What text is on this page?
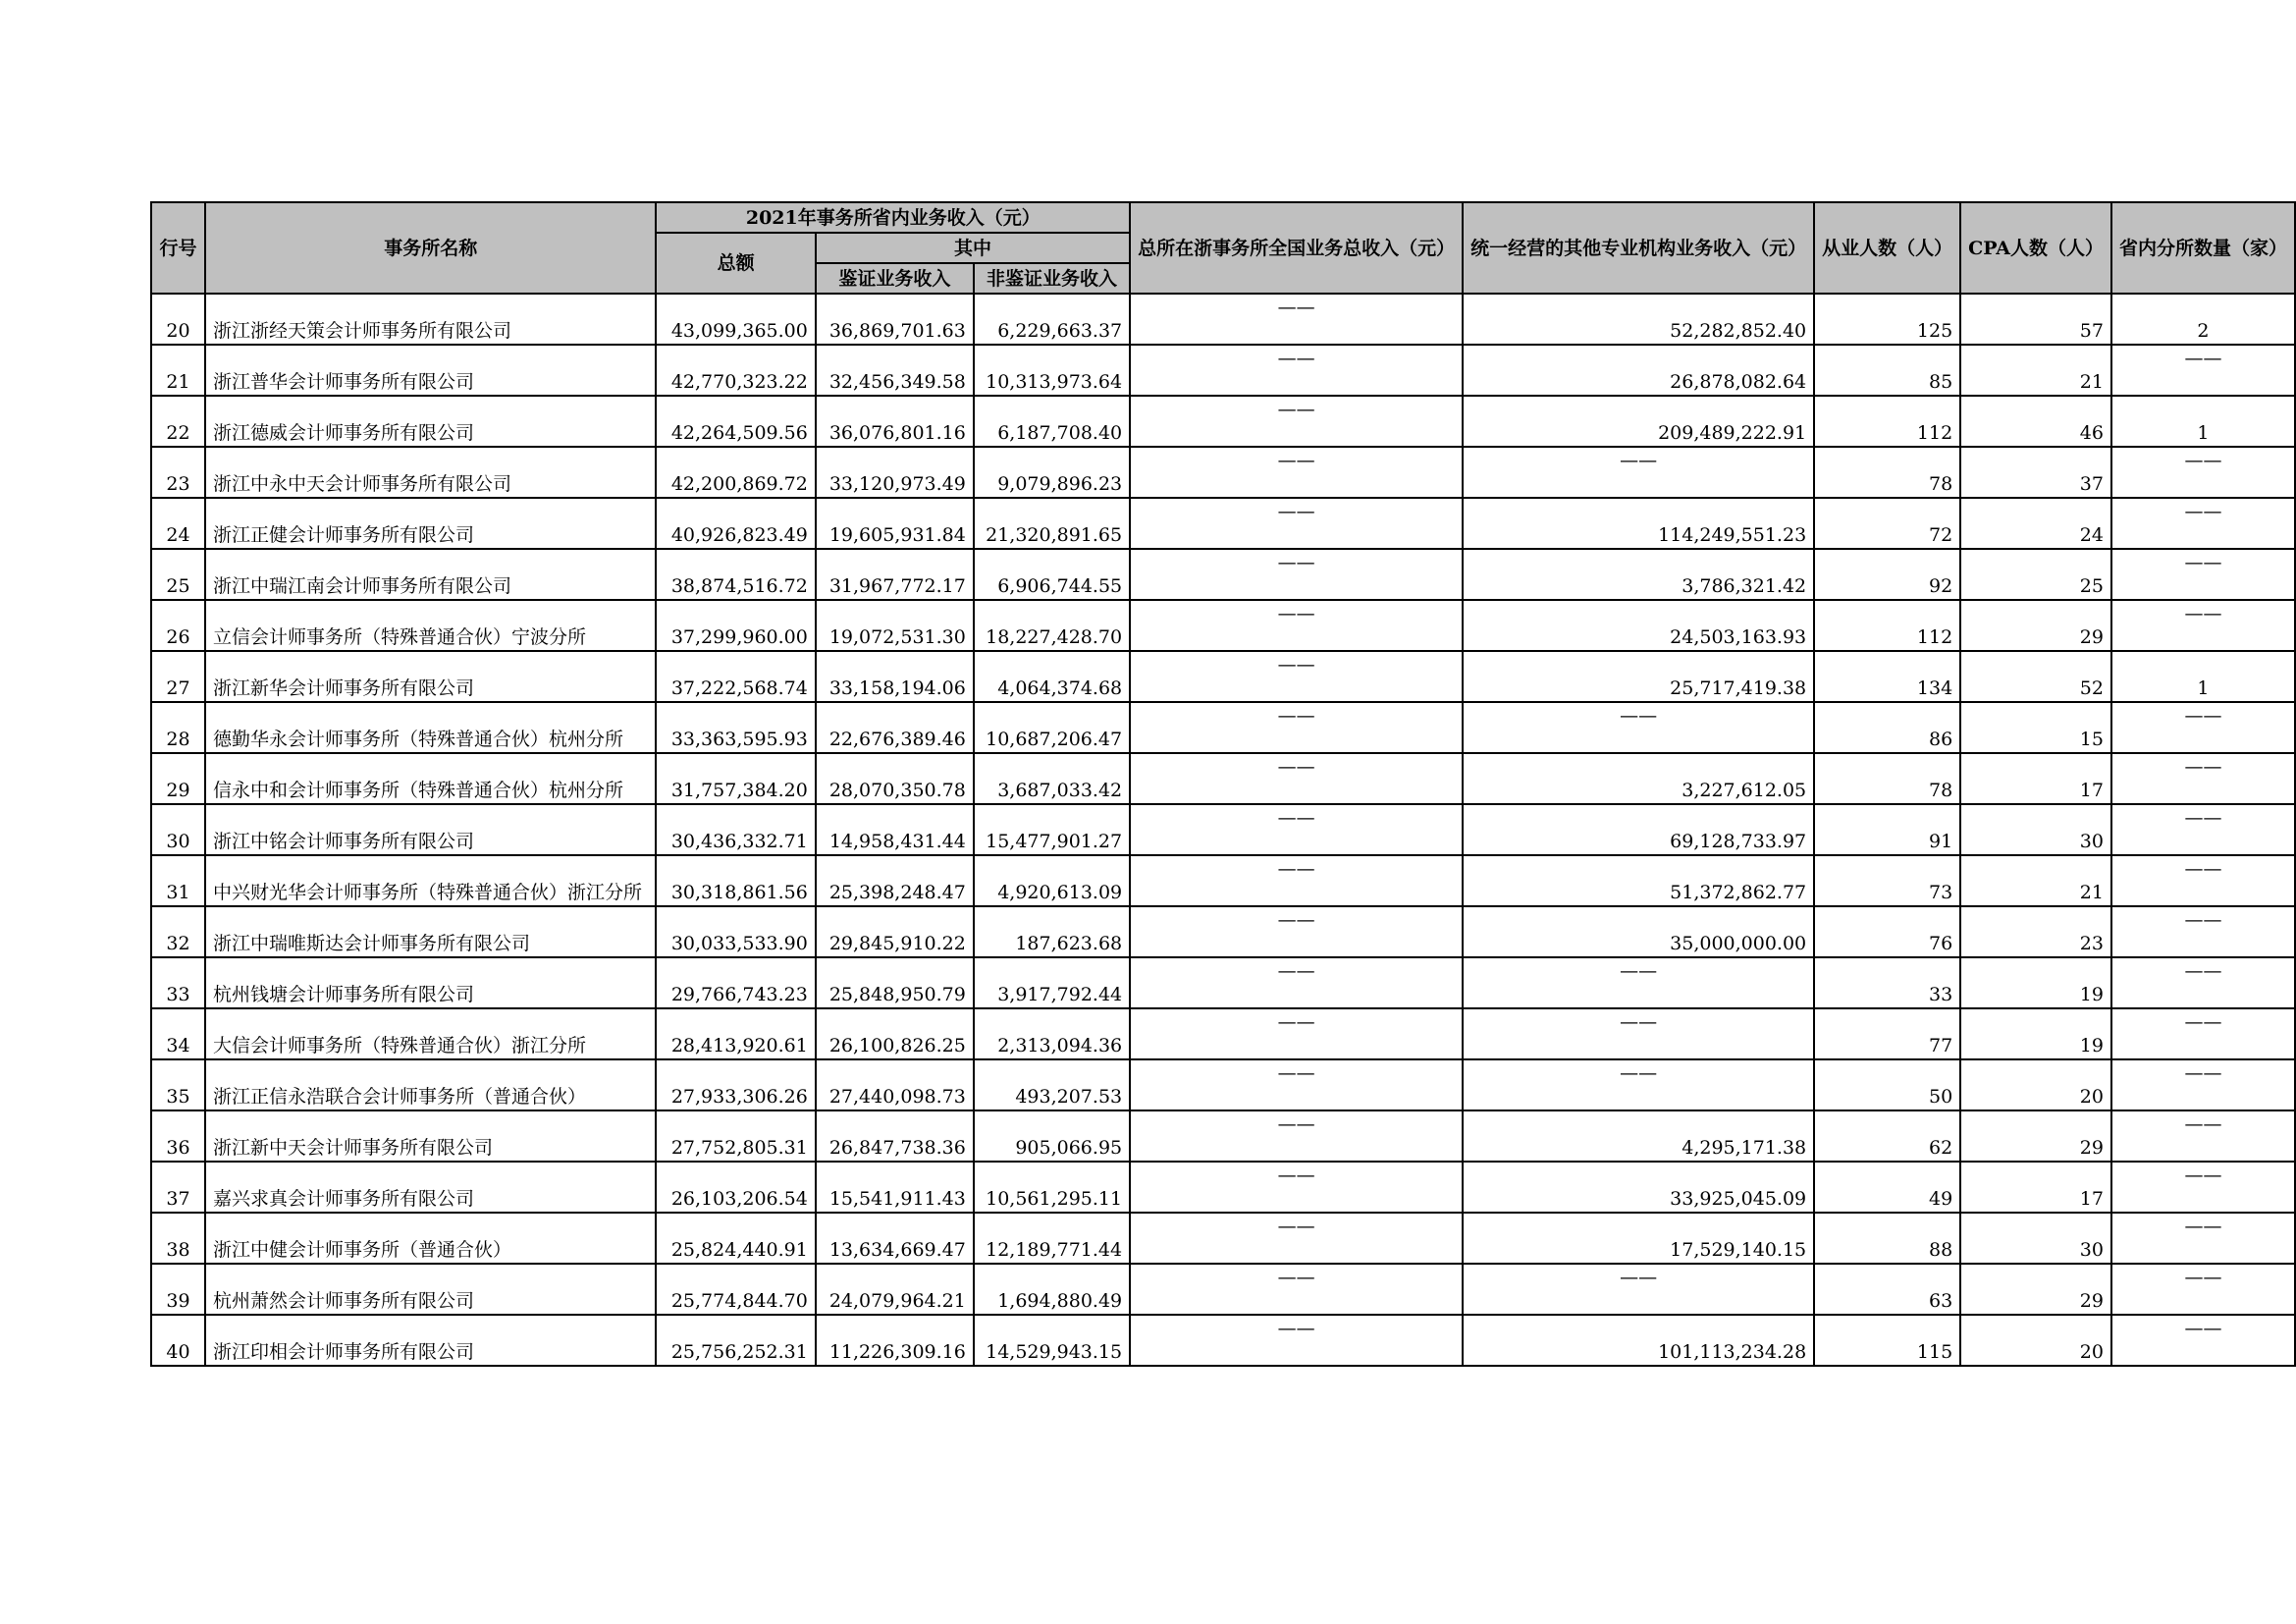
行号	事务所名称	2021年事务所省内业务收入（元）			总所在浙事务所全国业务总收入（元）	统一经营的其他专业机构业务收入（元）	从业人数（人）	CPA人数（人）	省内分所数量（家）
		总额	其中						
			鉴证业务收入	非鉴证业务收入					
20	浙江浙经天策会计师事务所有限公司	43,099,365.00	36,869,701.63	6,229,663.37	——	52,282,852.40	125	57	2
21	浙江普华会计师事务所有限公司	42,770,323.22	32,456,349.58	10,313,973.64	——	26,878,082.64	85	21	——
22	浙江德威会计师事务所有限公司	42,264,509.56	36,076,801.16	6,187,708.40	——	209,489,222.91	112	46	1
23	浙江中永中天会计师事务所有限公司	42,200,869.72	33,120,973.49	9,079,896.23	——	——	78	37	——
24	浙江正健会计师事务所有限公司	40,926,823.49	19,605,931.84	21,320,891.65	——	114,249,551.23	72	24	——
25	浙江中瑞江南会计师事务所有限公司	38,874,516.72	31,967,772.17	6,906,744.55	——	3,786,321.42	92	25	——
26	立信会计师事务所（特殊普通合伙）宁波分所	37,299,960.00	19,072,531.30	18,227,428.70	——	24,503,163.93	112	29	——
27	浙江新华会计师事务所有限公司	37,222,568.74	33,158,194.06	4,064,374.68	——	25,717,419.38	134	52	1
28	德勤华永会计师事务所（特殊普通合伙）杭州分所	33,363,595.93	22,676,389.46	10,687,206.47	——	——	86	15	——
29	信永中和会计师事务所（特殊普通合伙）杭州分所	31,757,384.20	28,070,350.78	3,687,033.42	——	3,227,612.05	78	17	——
30	浙江中铭会计师事务所有限公司	30,436,332.71	14,958,431.44	15,477,901.27	——	69,128,733.97	91	30	——
31	中兴财光华会计师事务所（特殊普通合伙）浙江分所	30,318,861.56	25,398,248.47	4,920,613.09	——	51,372,862.77	73	21	——
32	浙江中瑞唯斯达会计师事务所有限公司	30,033,533.90	29,845,910.22	187,623.68	——	35,000,000.00	76	23	——
33	杭州钱塘会计师事务所有限公司	29,766,743.23	25,848,950.79	3,917,792.44	——	——	33	19	——
34	大信会计师事务所（特殊普通合伙）浙江分所	28,413,920.61	26,100,826.25	2,313,094.36	——	——	77	19	——
35	浙江正信永浩联合会计师事务所（普通合伙）	27,933,306.26	27,440,098.73	493,207.53	——	——	50	20	——
36	浙江新中天会计师事务所有限公司	27,752,805.31	26,847,738.36	905,066.95	——	4,295,171.38	62	29	——
37	嘉兴求真会计师事务所有限公司	26,103,206.54	15,541,911.43	10,561,295.11	——	33,925,045.09	49	17	——
38	浙江中健会计师事务所（普通合伙）	25,824,440.91	13,634,669.47	12,189,771.44	——	17,529,140.15	88	30	——
39	杭州萧然会计师事务所有限公司	25,774,844.70	24,079,964.21	1,694,880.49	——	——	63	29	——
40	浙江印相会计师事务所有限公司	25,756,252.31	11,226,309.16	14,529,943.15	——	101,113,234.28	115	20	——
